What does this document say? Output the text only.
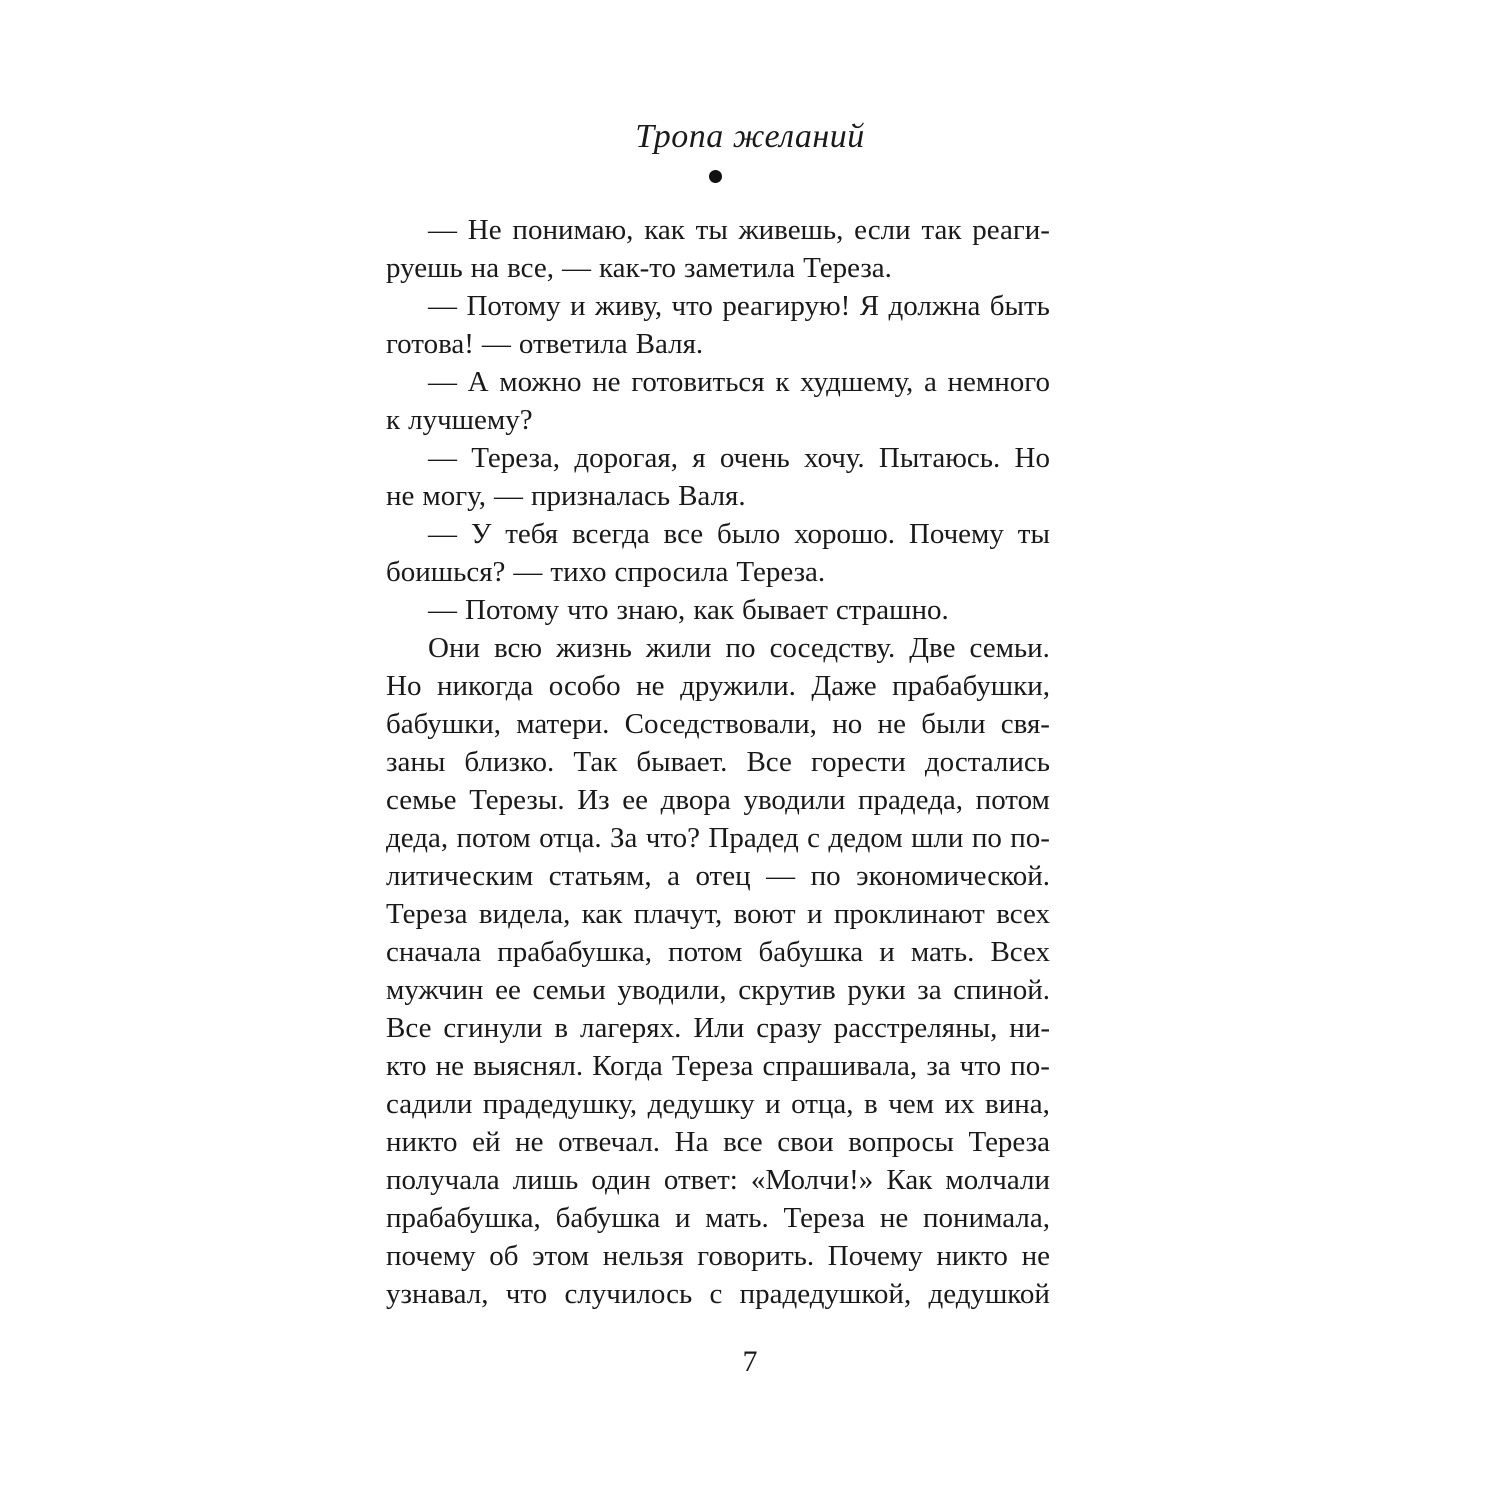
Тропа желаний
— Не понимаю, как ты живешь, если так реаги-
руешь на все, — как-то заметила Тереза.
— Потому и живу, что реагирую! Я должна быть
готова! — ответила Валя.
— А можно не готовиться к худшему, а немного
к лучшему?
— Тереза, дорогая, я очень хочу. Пытаюсь. Но
не могу, — призналась Валя.
— У тебя всегда все было хорошо. Почему ты
боишься? — тихо спросила Тереза.
— Потому что знаю, как бывает страшно.
Они всю жизнь жили по соседству. Две семьи.
Но никогда особо не дружили. Даже прабабушки,
бабушки, матери. Соседствовали, но не были свя-
заны близко. Так бывает. Все горести достались
семье Терезы. Из ее двора уводили прадеда, потом
деда, потом отца. За что? Прадед с дедом шли по по-
литическим статьям, а отец — по экономической.
Тереза видела, как плачут, воют и проклинают всех
сначала прабабушка, потом бабушка и мать. Всех
мужчин ее семьи уводили, скрутив руки за спиной.
Все сгинули в лагерях. Или сразу расстреляны, ни-
кто не выяснял. Когда Тереза спрашивала, за что по-
садили прадедушку, дедушку и отца, в чем их вина,
никто ей не отвечал. На все свои вопросы Тереза
получала лишь один ответ: «Молчи!» Как молчали
прабабушка, бабушка и мать. Тереза не понимала,
почему об этом нельзя говорить. Почему никто не
узнавал, что случилось с прадедушкой, дедушкой
7
